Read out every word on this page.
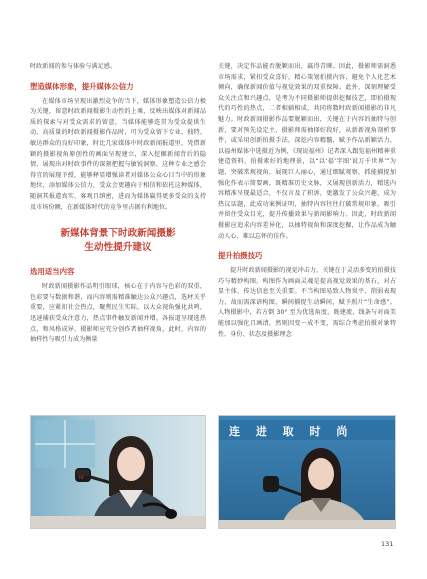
时政新闻的参与体验与满足感。

塑造媒体形象，提升媒体公信力

在媒体市场呈现出激烈竞争的当下，媒体形象塑造公信力极为关键，留意时政新闻摄影生动性的上乘，反映出媒体对新闻品质的探索与对受众需求的留意，当媒体能够连贯为受众提供生动、高质量的时政新闻摄影作品时，可为受众留下专业、独特、敏达群众的良好印象，时比几家媒体中时政新闻报道里，凭借新颖的摄影视角原创性的画面呈现建立，深入挖掘新闻背后的隐情，展现出对时政事件的深刻把握与敏锐洞察，这种专业之感会得宜的展现予授，能够释显增强读者对媒体公众心目当中的形象地位，添加媒体公信力，受众会更趣向于相信和依托这种媒体，随洞其报道真实、客观且缜密，进而为媒体赢得更多受众的支持及市场份额，在新媒体时代的竞争里占据有利地位。

新媒体背景下时政新闻摄影
生动性提升建议
选用适当内容

时政新闻摄影作品明引眼球，核心在于内容与色彩的双重，色彩要与数据和谐，而内容则需精准触达公众兴趣点，选材关乎重要，应紧扣社会热点，聚焦民生实际，以大众视角强化共鸣，迅速捕获受众注意力，热点事件触发新闻并增，各报道呈现选热点，和风格成异，摄影师应充分创作者抽样视角，此时，内容的抽样性与吸引力成为衡量

关键，决定作品能否脱颖而出，赢得青睐。因此，摄影师需洞悉市场需求，紧扣受众喜好，精心策划拍摄内容，避免个人化艺术倾向，确保新闻价值与视觉效果的双重保障。此外，深刻理解受众关注点和兴趣点，是考为不同摄影师提供挖掘技艺，即拍摄现代的巧性的热点，二者相辅相成，共同将数时政新闻摄影的非凡魅力。时政新闻摄影作品要脱颖而出，关键在于内容的抽特与创新，要对预先设定主，摄影师需抽择好段好，从新新视角剖析事件，或采用创新拍摄手法，深挖内容精髓，赋予作品新颖活力，以福州媒体中选摄近为例，《现说福州》记者深入跟览福州精神重建造资料，拍摄素好的地理景，以“以‘福’字图‘说万千世界’”为题，突破常规视角，展现巨人丽心，通过细腻观察，抓能捕捉加强化作表示简要画，既精准历史文脉，又展现创新活力，精选内容精准呈现最适合，不仅言及了积诉，更激发了公众兴趣，成为热议话题，此成功案例证明，抽特内容往往打破常规印象，吸引并留住受众目光，提升传播效果与新闻影响力。因此，时政新闻摄影应追求内容差异化，以抽特视角和深度挖掘，让作品成为触动人心、难以忘怀的佳作。

提升拍摄技巧

提升时政新闻摄影的视觉冲击力，关键在于灵活多变的拍摄技巧与精妙构图。构图作为画面灵魂是提高视觉效果的基石，对占显主体，传达信息至关重要。不当构图易致人物臭平、削弱表现力，故而需深谙构图，瞬间捕捉生动瞬间，赋予照片“生命感”。人物摄影中，若方倒 30° 至为优选角度，既建流，线条与对面美能加以强化且画清，然则因变一成不变，需综合考虑拍摄对象特性、身份、状态及摄影理念

HF
连 进 取 时 尚
131
